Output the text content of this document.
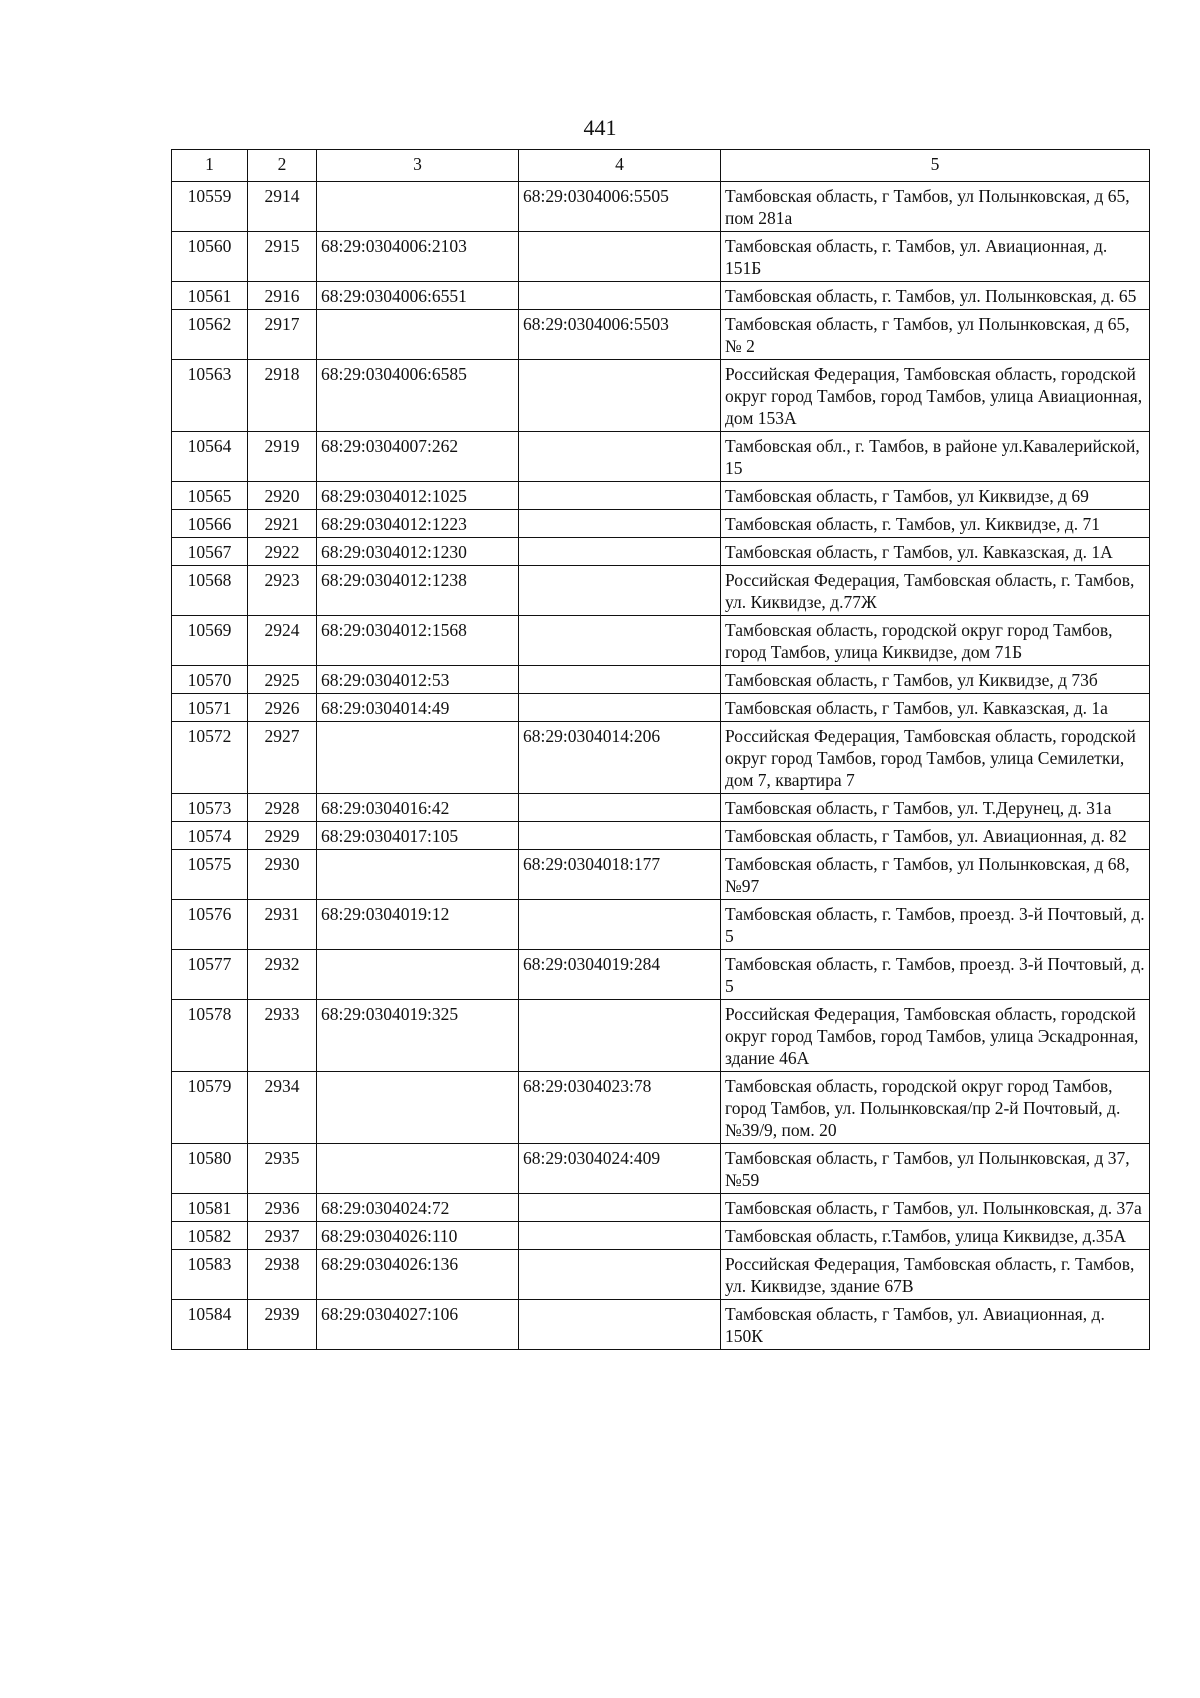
441
1	2	3	4	5
10559	2914		68:29:0304006:5505	Тамбовская область, г Тамбов, ул Полынковская, д 65, пом 281а
10560	2915	68:29:0304006:2103		Тамбовская область, г. Тамбов, ул. Авиационная, д. 151Б
10561	2916	68:29:0304006:6551		Тамбовская область, г. Тамбов, ул. Полынковская, д. 65
10562	2917		68:29:0304006:5503	Тамбовская область, г Тамбов, ул Полынковская, д 65, № 2
10563	2918	68:29:0304006:6585		Российская Федерация, Тамбовская область, городской округ город Тамбов, город Тамбов, улица Авиационная, дом 153А
10564	2919	68:29:0304007:262		Тамбовская обл., г. Тамбов, в районе ул.Кавалерийской, 15
10565	2920	68:29:0304012:1025		Тамбовская область, г Тамбов, ул Киквидзе, д 69
10566	2921	68:29:0304012:1223		Тамбовская область, г. Тамбов, ул. Киквидзе, д. 71
10567	2922	68:29:0304012:1230		Тамбовская область, г Тамбов, ул. Кавказская, д. 1А
10568	2923	68:29:0304012:1238		Российская Федерация, Тамбовская область, г. Тамбов, ул. Киквидзе, д.77Ж
10569	2924	68:29:0304012:1568		Тамбовская область, городской округ город Тамбов, город Тамбов, улица Киквидзе, дом 71Б
10570	2925	68:29:0304012:53		Тамбовская область, г Тамбов, ул Киквидзе, д 73б
10571	2926	68:29:0304014:49		Тамбовская область, г Тамбов, ул. Кавказская, д. 1а
10572	2927		68:29:0304014:206	Российская Федерация, Тамбовская область, городской округ город Тамбов, город Тамбов, улица Семилетки, дом 7, квартира 7
10573	2928	68:29:0304016:42		Тамбовская область, г Тамбов, ул. Т.Дерунец, д. 31а
10574	2929	68:29:0304017:105		Тамбовская область, г Тамбов, ул. Авиационная, д. 82
10575	2930		68:29:0304018:177	Тамбовская область, г Тамбов, ул Полынковская, д 68, №97
10576	2931	68:29:0304019:12		Тамбовская область, г. Тамбов, проезд. 3-й Почтовый, д. 5
10577	2932		68:29:0304019:284	Тамбовская область, г. Тамбов, проезд. 3-й Почтовый, д. 5
10578	2933	68:29:0304019:325		Российская Федерация, Тамбовская область, городской округ город Тамбов, город Тамбов, улица Эскадронная, здание 46А
10579	2934		68:29:0304023:78	Тамбовская область, городской округ город Тамбов, город Тамбов, ул. Полынковская/пр 2-й Почтовый, д. №39/9, пом. 20
10580	2935		68:29:0304024:409	Тамбовская область, г Тамбов, ул Полынковская, д 37, №59
10581	2936	68:29:0304024:72		Тамбовская область, г Тамбов, ул. Полынковская, д. 37а
10582	2937	68:29:0304026:110		Тамбовская область, г.Тамбов, улица Киквидзе, д.35А
10583	2938	68:29:0304026:136		Российская Федерация, Тамбовская область, г. Тамбов, ул. Киквидзе, здание 67В
10584	2939	68:29:0304027:106		Тамбовская область, г Тамбов, ул. Авиационная, д. 150К
